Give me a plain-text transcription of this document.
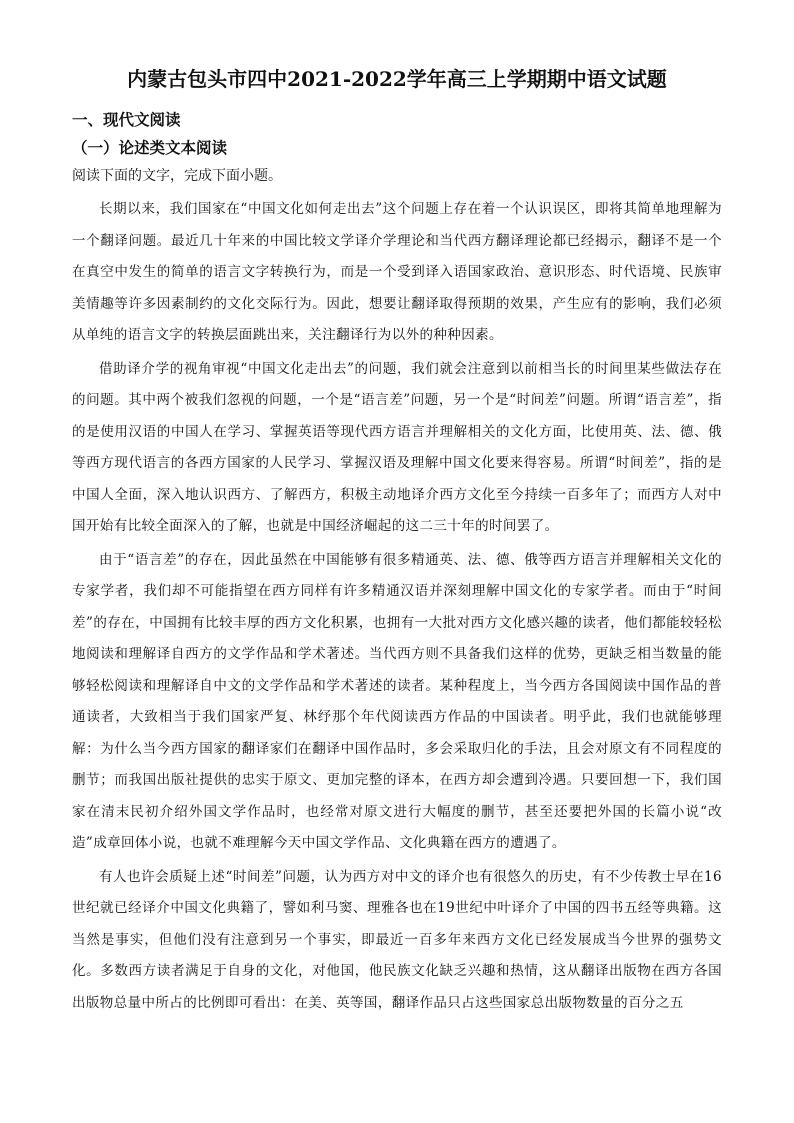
内蒙古包头市四中2021-2022学年高三上学期期中语文试题
一、现代文阅读
（一）论述类文本阅读
阅读下面的文字，完成下面小题。

长期以来，我们国家在“中国文化如何走出去”这个问题上存在着一个认识误区，即将其简单地理解为一个翻译问题。最近几十年来的中国比较文学译介学理论和当代西方翻译理论都已经揭示，翻译不是一个在真空中发生的简单的语言文字转换行为，而是一个受到译入语国家政治、意识形态、时代语境、民族审美情趣等许多因素制约的文化交际行为。因此，想要让翻译取得预期的效果，产生应有的影响，我们必须从单纯的语言文字的转换层面跳出来，关注翻译行为以外的种种因素。

借助译介学的视角审视“中国文化走出去”的问题，我们就会注意到以前相当长的时间里某些做法存在的问题。其中两个被我们忽视的问题，一个是“语言差”问题，另一个是“时间差”问题。所谓“语言差”，指的是使用汉语的中国人在学习、掌握英语等现代西方语言并理解相关的文化方面，比使用英、法、德、俄等西方现代语言的各西方国家的人民学习、掌握汉语及理解中国文化要来得容易。所谓“时间差”，指的是中国人全面，深入地认识西方、了解西方，积极主动地译介西方文化至今持续一百多年了；而西方人对中国开始有比较全面深入的了解，也就是中国经济崛起的这二三十年的时间罢了。

由于“语言差”的存在，因此虽然在中国能够有很多精通英、法、德、俄等西方语言并理解相关文化的专家学者，我们却不可能指望在西方同样有许多精通汉语并深刻理解中国文化的专家学者。而由于“时间差”的存在，中国拥有比较丰厚的西方文化积累，也拥有一大批对西方文化感兴趣的读者，他们都能较轻松地阅读和理解译自西方的文学作品和学术著述。当代西方则不具备我们这样的优势，更缺乏相当数量的能够轻松阅读和理解译自中文的文学作品和学术著述的读者。某种程度上，当今西方各国阅读中国作品的普通读者，大致相当于我们国家严复、林纾那个年代阅读西方作品的中国读者。明乎此，我们也就能够理解：为什么当今西方国家的翻译家们在翻译中国作品时，多会采取归化的手法，且会对原文有不同程度的删节；而我国出版社提供的忠实于原文、更加完整的译本，在西方却会遭到冷遇。只要回想一下，我们国家在清末民初介绍外国文学作品时，也经常对原文进行大幅度的删节，甚至还要把外国的长篇小说“改造”成章回体小说，也就不难理解今天中国文学作品、文化典籍在西方的遭遇了。

有人也许会质疑上述“时间差”问题，认为西方对中文的译介也有很悠久的历史，有不少传教士早在16世纪就已经译介中国文化典籍了，譬如利马窦、理雅各也在19世纪中叶译介了中国的四书五经等典籍。这当然是事实，但他们没有注意到另一个事实，即最近一百多年来西方文化已经发展成当今世界的强势文化。多数西方读者满足于自身的文化，对他国，他民族文化缺乏兴趣和热情，这从翻译出版物在西方各国出版物总量中所占的比例即可看出：在美、英等国，翻译作品只占这些国家总出版物数量的百分之五
